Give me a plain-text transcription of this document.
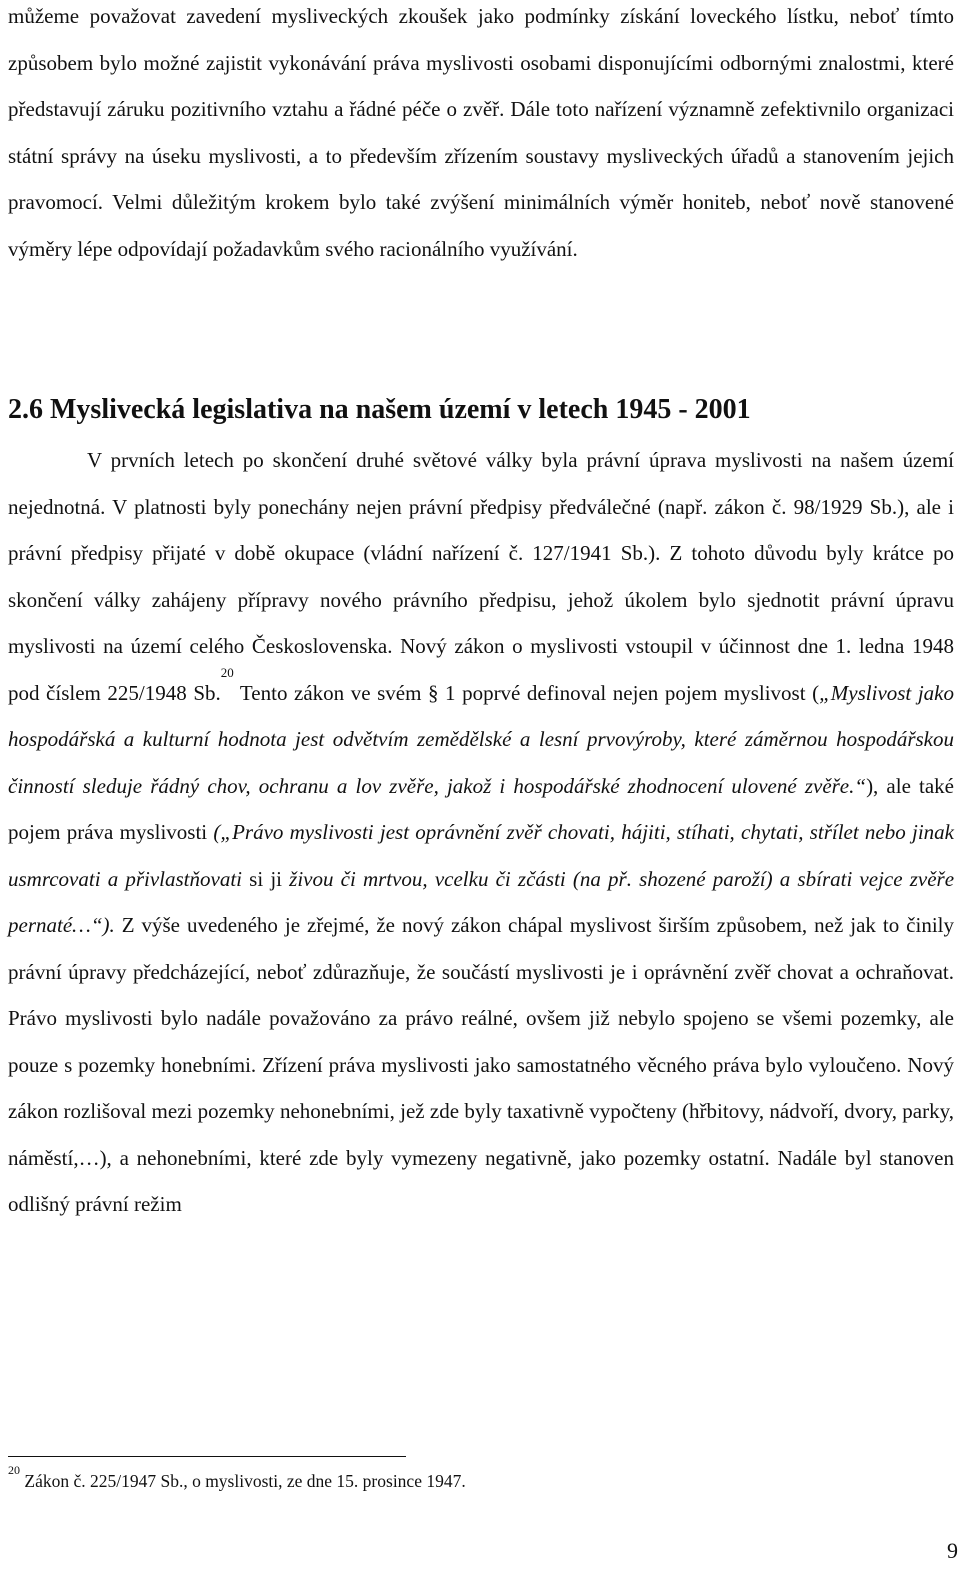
můžeme považovat zavedení mysliveckých zkoušek jako podmínky získání loveckého lístku, neboť tímto způsobem bylo možné zajistit vykonávání práva myslivosti osobami disponujícími odbornými znalostmi, které představují záruku pozitivního vztahu a řádné péče o zvěř. Dále toto nařízení významně zefektivnilo organizaci státní správy na úseku myslivosti, a to především zřízením soustavy mysliveckých úřadů a stanovením jejich pravomocí. Velmi důležitým krokem bylo také zvýšení minimálních výměr honiteb, neboť nově stanovené výměry lépe odpovídají požadavkům svého racionálního využívání.

2.6 Myslivecká legislativa na našem území v letech 1945 - 2001

V prvních letech po skončení druhé světové války byla právní úprava myslivosti na našem území nejednotná. V platnosti byly ponechány nejen právní předpisy předválečné (např. zákon č. 98/1929 Sb.), ale i právní předpisy přijaté v době okupace (vládní nařízení č. 127/1941 Sb.). Z tohoto důvodu byly krátce po skončení války zahájeny přípravy nového právního předpisu, jehož úkolem bylo sjednotit právní úpravu myslivosti na území celého Československa. Nový zákon o myslivosti vstoupil v účinnost dne 1. ledna 1948 pod číslem 225/1948 Sb.$^{20}$ Tento zákon ve svém § 1 poprvé definoval nejen pojem myslivost („Myslivost jako hospodářská a kulturní hodnota jest odvětvím zemědělské a lesní prvovýroby, které záměrnou hospodářskou činností sleduje řádný chov, ochranu a lov zvěře, jakož i hospodářské zhodnocení ulovené zvěře.“), ale také pojem práva myslivosti („Právo myslivosti jest oprávnění zvěř chovati, hájiti, stíhati, chytati, střílet nebo jinak usmrcovati a přivlastňovati si ji živou či mrtvou, vcelku či zčásti (na př. shozené paroží) a sbírati vejce zvěře pernaté…“). Z výše uvedeného je zřejmé, že nový zákon chápal myslivost širším způsobem, než jak to činily právní úpravy předcházející, neboť zdůrazňuje, že součástí myslivosti je i oprávnění zvěř chovat a ochraňovat. Právo myslivosti bylo nadále považováno za právo reálné, ovšem již nebylo spojeno se všemi pozemky, ale pouze s pozemky honebními. Zřízení práva myslivosti jako samostatného věcného práva bylo vyloučeno. Nový zákon rozlišoval mezi pozemky nehonebními, jež zde byly taxativně vypočteny (hřbitovy, nádvoří, dvory, parky, náměstí,…), a nehonebními, které zde byly vymezeny negativně, jako pozemky ostatní. Nadále byl stanoven odlišný právní režim

$^{20}$ Zákon č. 225/1947 Sb., o myslivosti, ze dne 15. prosince 1947.
9
